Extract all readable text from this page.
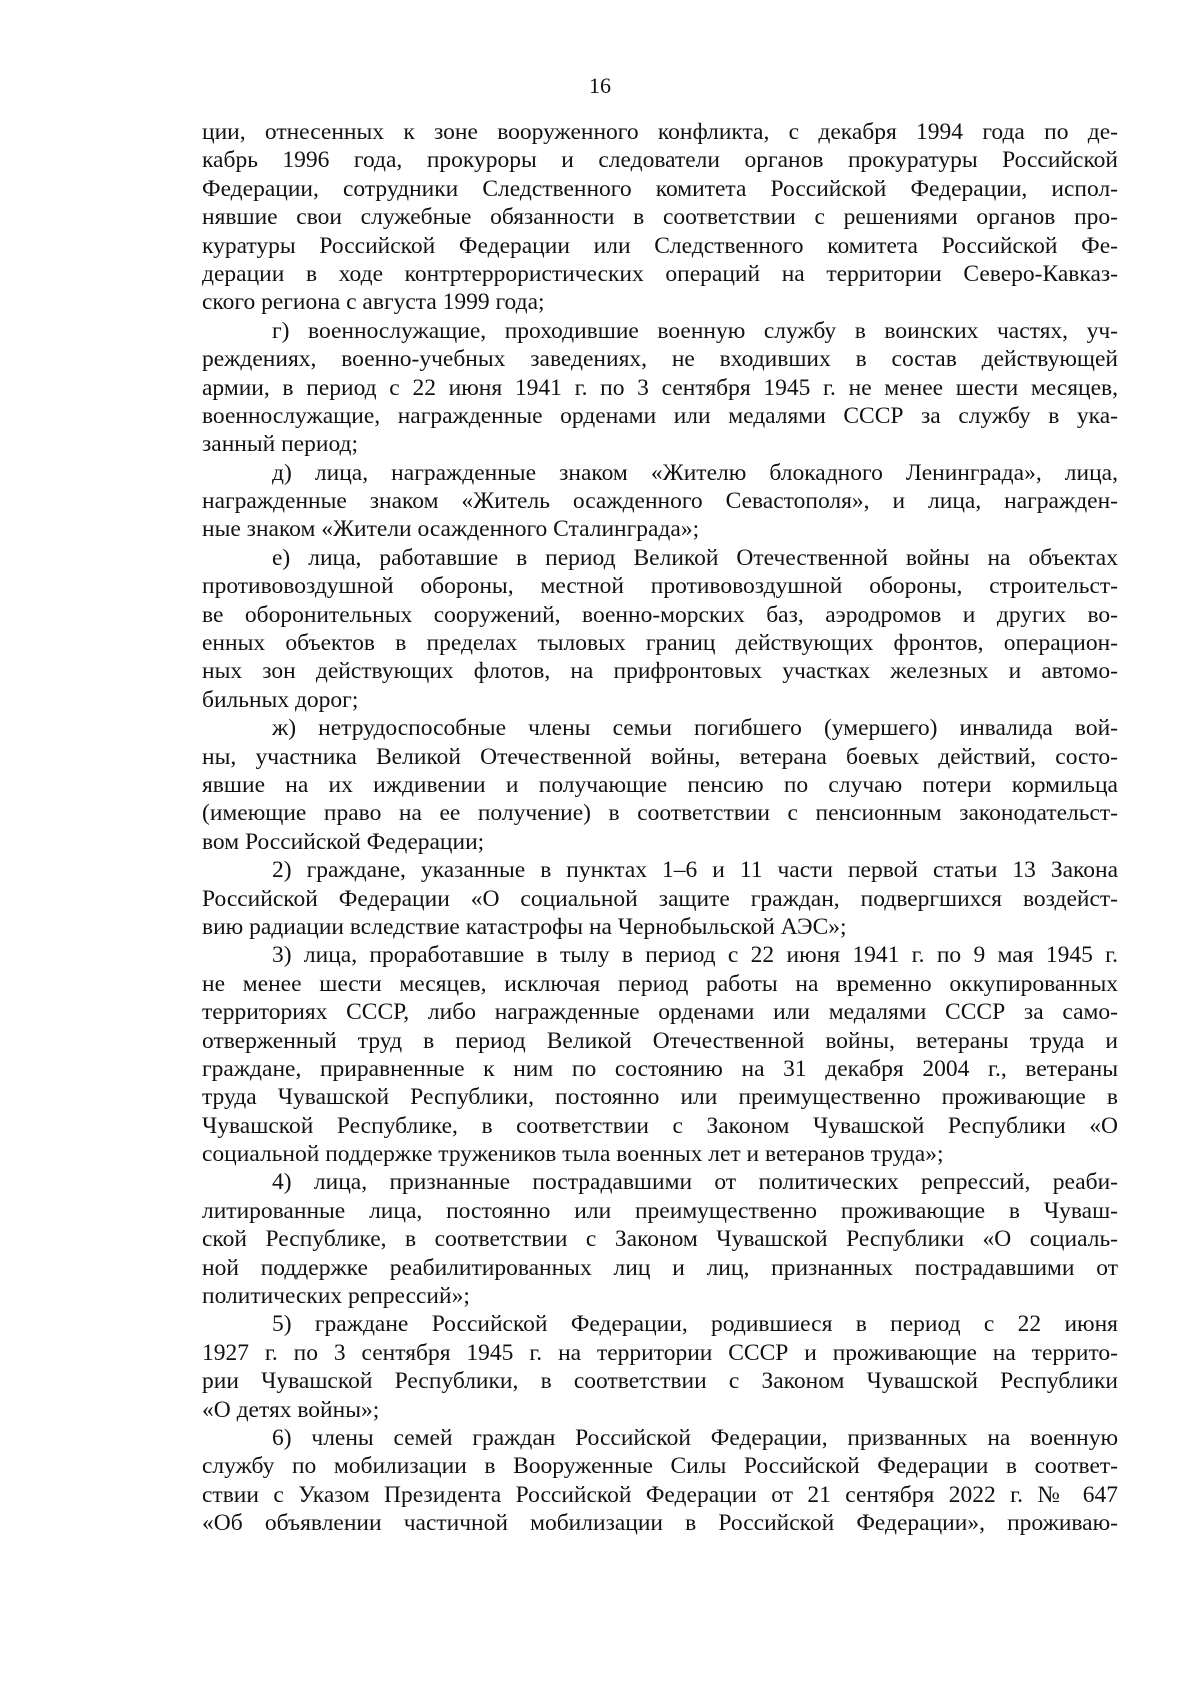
16
ции, отнесенных к зоне вооруженного конфликта, с декабря 1994 года по де-
кабрь 1996 года, прокуроры и следователи органов прокуратуры Российской
Федерации, сотрудники Следственного комитета Российской Федерации, испол-
нявшие свои служебные обязанности в соответствии с решениями органов про-
куратуры Российской Федерации или Следственного комитета Российской Фе-
дерации в ходе контртеррористических операций на территории Северо-Кавказ-
ского региона с августа 1999 года;
г) военнослужащие, проходившие военную службу в воинских частях, уч-
реждениях, военно-учебных заведениях, не входивших в состав действующей
армии, в период с 22 июня 1941 г. по 3 сентября 1945 г. не менее шести месяцев,
военнослужащие, награжденные орденами или медалями СССР за службу в ука-
занный период;
д) лица, награжденные знаком «Жителю блокадного Ленинграда», лица,
награжденные знаком «Житель осажденного Севастополя», и лица, награжден-
ные знаком «Жители осажденного Сталинграда»;
е) лица, работавшие в период Великой Отечественной войны на объектах
противовоздушной обороны, местной противовоздушной обороны, строительст-
ве оборонительных сооружений, военно-морских баз, аэродромов и других во-
енных объектов в пределах тыловых границ действующих фронтов, операцион-
ных зон действующих флотов, на прифронтовых участках железных и автомо-
бильных дорог;
ж) нетрудоспособные члены семьи погибшего (умершего) инвалида вой-
ны, участника Великой Отечественной войны, ветерана боевых действий, состо-
явшие на их иждивении и получающие пенсию по случаю потери кормильца
(имеющие право на ее получение) в соответствии с пенсионным законодательст-
вом Российской Федерации;
2) граждане, указанные в пунктах 1–6 и 11 части первой статьи 13 Закона
Российской Федерации «О социальной защите граждан, подвергшихся воздейст-
вию радиации вследствие катастрофы на Чернобыльской АЭС»;
3) лица, проработавшие в тылу в период с 22 июня 1941 г. по 9 мая 1945 г.
не менее шести месяцев, исключая период работы на временно оккупированных
территориях СССР, либо награжденные орденами или медалями СССР за само-
отверженный труд в период Великой Отечественной войны, ветераны труда и
граждане, приравненные к ним по состоянию на 31 декабря 2004 г., ветераны
труда Чувашской Республики, постоянно или преимущественно проживающие в
Чувашской Республике, в соответствии с Законом Чувашской Республики «О
социальной поддержке тружеников тыла военных лет и ветеранов труда»;
4) лица, признанные пострадавшими от политических репрессий, реаби-
литированные лица, постоянно или преимущественно проживающие в Чуваш-
ской Республике, в соответствии с Законом Чувашской Республики «О социаль-
ной поддержке реабилитированных лиц и лиц, признанных пострадавшими от
политических репрессий»;
5) граждане Российской Федерации, родившиеся в период с 22 июня
1927 г. по 3 сентября 1945 г. на территории СССР и проживающие на террито-
рии Чувашской Республики, в соответствии с Законом Чувашской Республики
«О детях войны»;
6) члены семей граждан Российской Федерации, призванных на военную
службу по мобилизации в Вооруженные Силы Российской Федерации в соответ-
ствии с Указом Президента Российской Федерации от 21 сентября 2022 г. № 647
«Об объявлении частичной мобилизации в Российской Федерации», проживаю-
